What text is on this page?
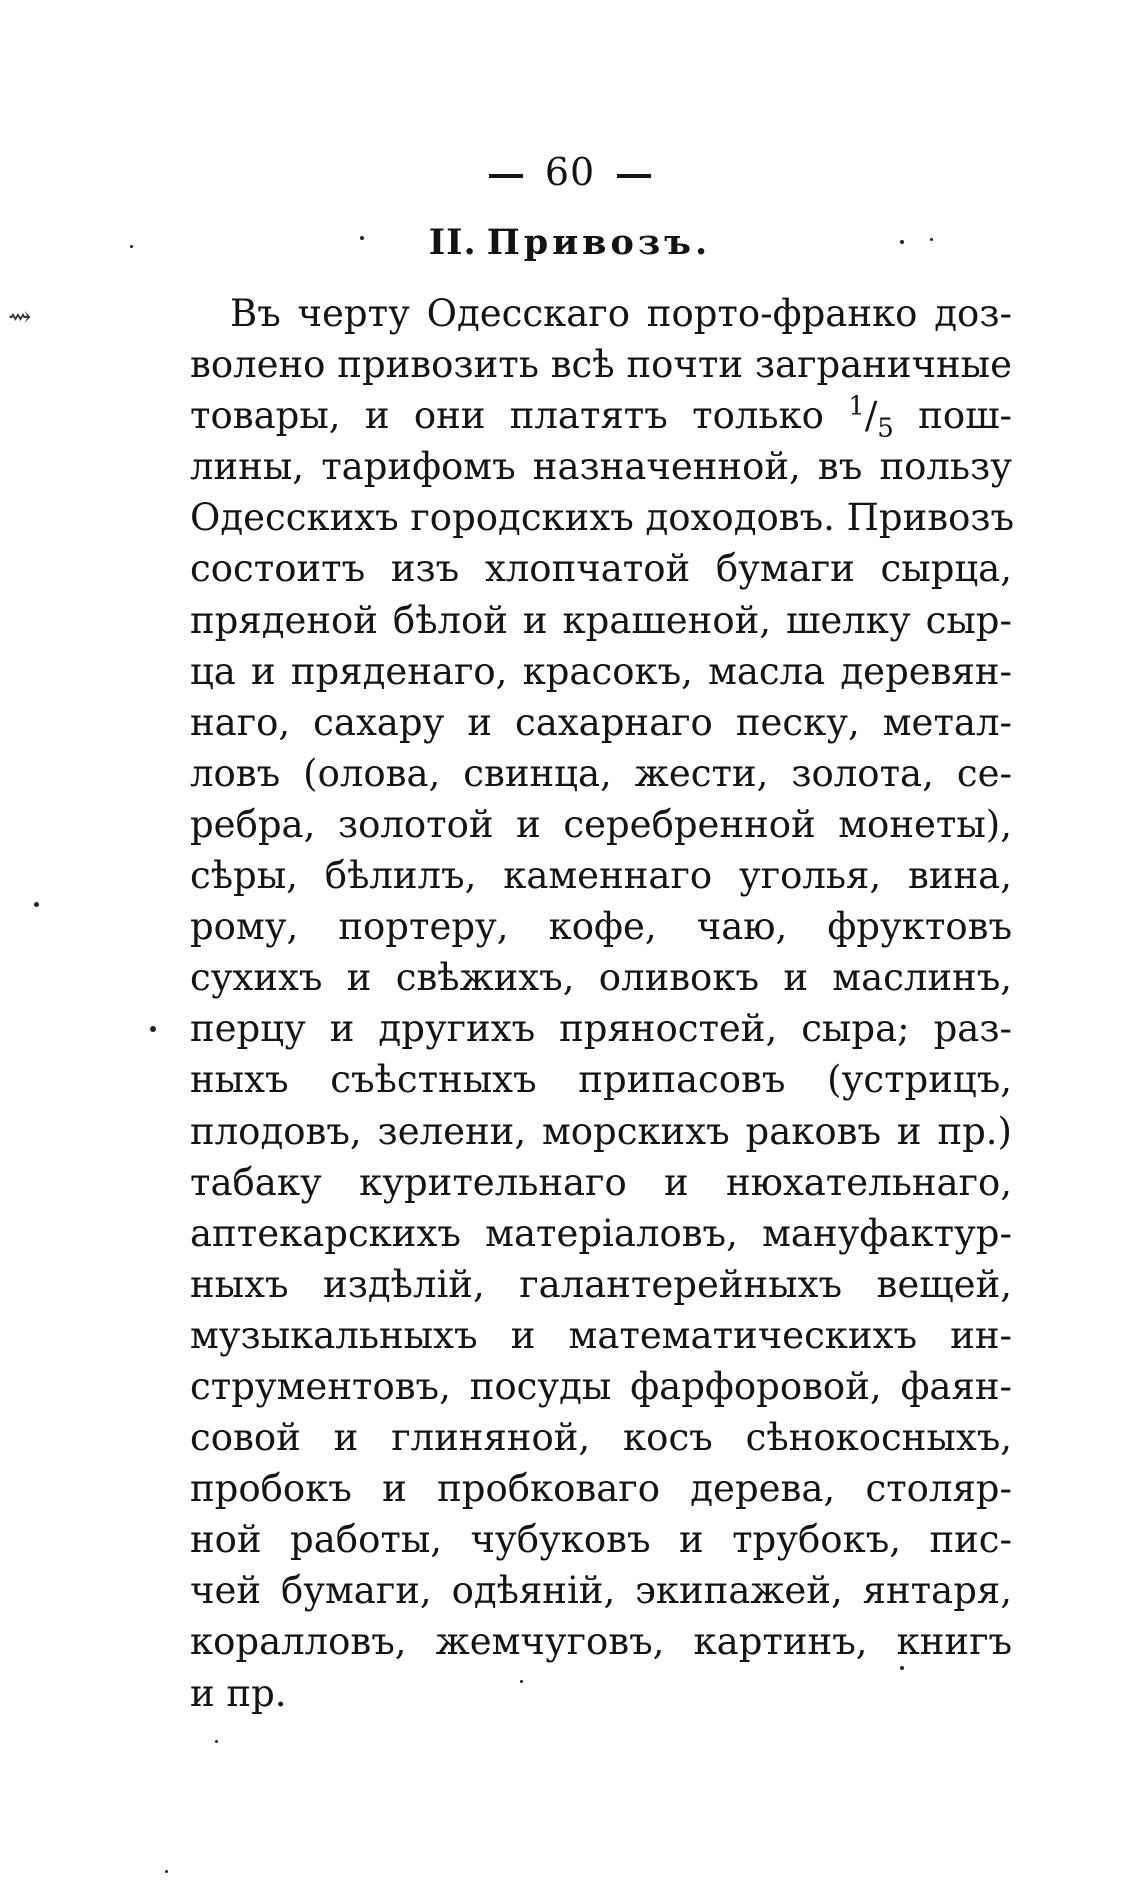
⇝
60
II. Привозъ.
Въ черту Одесскаго портo-франко доз-
волено привозить всѣ почти заграничные
товары, и они платятъ только $^1/_5$ пош-
лины, тарифомъ назначенной, въ пользу
Одесскихъ городскихъ доходовъ. Привозъ
состоитъ изъ хлопчатой бумаги сырца,
пряденой бѣлой и крашеной, шелку сыр-
ца и пряденаго, красокъ, масла деревян-
наго, сахару и сахарнаго песку, метал-
ловъ (олова, свинца, жести, золота, се-
ребра, золотой и серебренной монеты),
сѣры, бѣлилъ, каменнаго угoлья, вина,
рому, портеру, кофе, чаю, фруктовъ
сухихъ и свѣжихъ, оливокъ и маслинъ,
перцу и другихъ пряностей, сыра; раз-
ныхъ съѣстныхъ припасовъ (устрицъ,
плодовъ, зелени, морскихъ раковъ и пр.)
табаку курительнаго и нюхательнаго,
аптекарскихъ матеріаловъ, мануфактур-
ныхъ издѣлій, галантерейныхъ вещей,
музыкальныхъ и математическихъ ин-
струментовъ, посуды фарфоровой, фаян-
совой и глиняной, косъ сѣнокосныхъ,
пробокъ и пробковаго дерева, столяр-
ной работы, чубуковъ и трубокъ, пис-
чей бумаги, одѣяній, экипажей, янтаря,
коралловъ, жемчуговъ, картинъ, книгъ
и пр.
